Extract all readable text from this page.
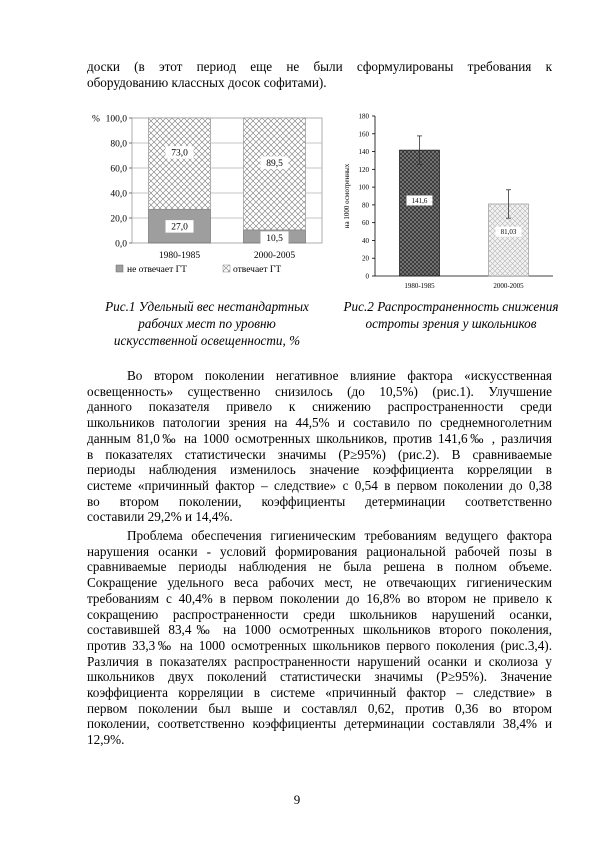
доски (в этот период еще не были сформулированы требования к
оборудованию классных досок софитами).
0,0
20,0
40,0
60,0
80,0
100,0
%
27,0
73,0
1980-1985
10,5
89,5
2000-2005
не отвечает ГТ	отвечает ГТ
0
20
40
60
80
100
120
140
160
180
на 1000 осмотренных	141,6
1980-1985
81,03
2000-2005
Рис.1 Удельный вес нестандартных
рабочих мест по уровню
искусственной освещенности, %
Рис.2 Распространенность снижения
остроты зрения у школьников
Во втором поколении негативное влияние фактора «искусственная
освещенность» существенно снизилось (до 10,5%) (рис.1). Улучшение
данного показателя привело к снижению распространенности среди
школьников патологии зрения на 44,5% и составило по среднемноголетним
данным 81,0‰ на 1000 осмотренных школьников, против 141,6‰ , различия
в показателях статистически значимы (Р≥95%) (рис.2). В сравниваемые
периоды наблюдения изменилось значение коэффициента корреляции в
системе «причинный фактор – следствие» с 0,54 в первом поколении до 0,38
во втором поколении, коэффициенты детерминации соответственно
составили 29,2% и 14,4%.
Проблема обеспечения гигиеническим требованиям ведущего фактора
нарушения осанки - условий формирования рациональной рабочей позы в
сравниваемые периоды наблюдения не была решена в полном объеме.
Сокращение удельного веса рабочих мест, не отвечающих гигиеническим
требованиям с 40,4% в первом поколении до 16,8% во втором не привело к
сокращению распространенности среди школьников нарушений осанки,
составившей 83,4‰ на 1000 осмотренных школьников второго поколения,
против 33,3‰ на 1000 осмотренных школьников первого поколения (рис.3,4).
Различия в показателях распространенности нарушений осанки и сколиоза у
школьников двух поколений статистически значимы (Р≥95%). Значение
коэффициента корреляции в системе «причинный фактор – следствие» в
первом поколении был выше и составлял 0,62, против 0,36 во втором
поколении, соответственно коэффициенты детерминации составляли 38,4% и
12,9%.
9
